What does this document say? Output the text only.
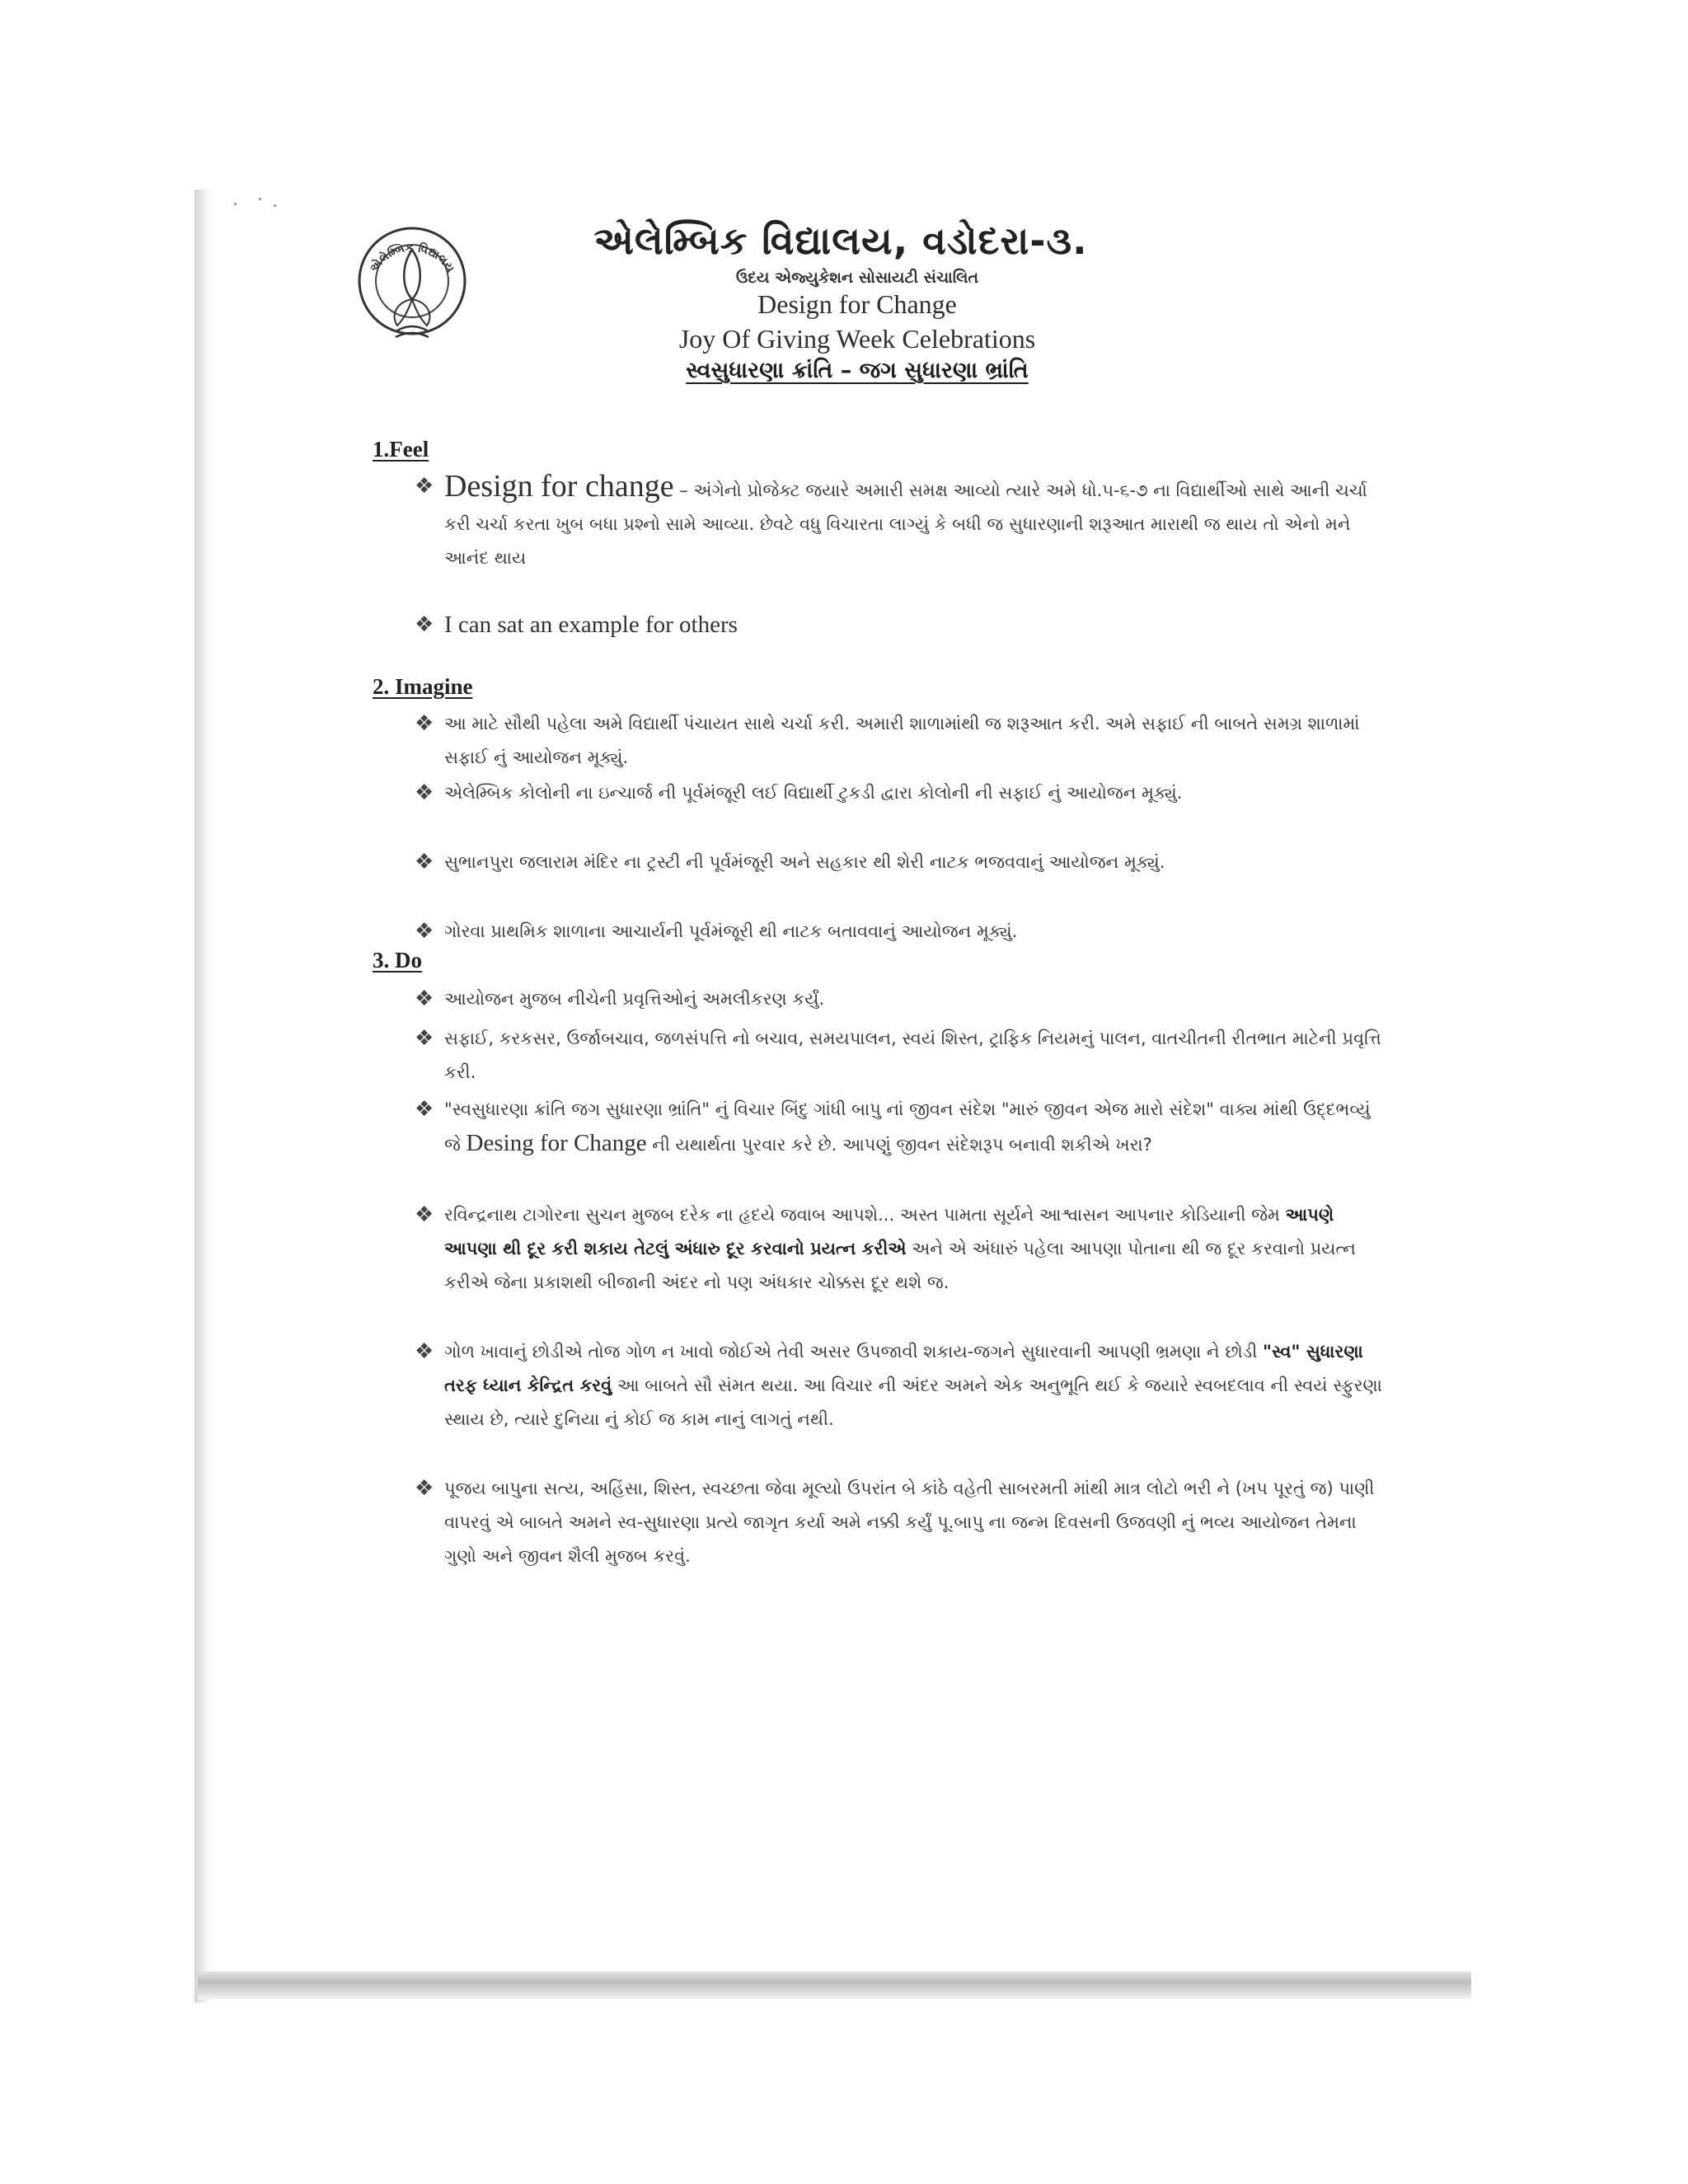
એલેમ્બિક વિદ્યાલય
એલેમ્બિક વિદ્યાલય, વડોદરા-૩.
ઉદય એજ્યુકેશન સોસાયટી સંચાલિત
Design for Change
Joy Of Giving Week Celebrations
સ્વસુધારણા ક્રાંતિ – જગ સુધારણા ભ્રાંતિ
1.Feel
❖ Design for change – અંગેનો પ્રોજેક્ટ જયારે અમારી સમક્ષ આવ્યો ત્યારે અમે ધો.૫-૬-૭ ના વિદ્યાર્થીઓ સાથે આની ચર્ચા કરી ચર્ચા કરતા ખુબ બધા પ્રશ્નો સામે આવ્યા. છેવટે વધુ વિચારતા લાગ્યું કે બધી જ સુધારણાની શરૂઆત મારાથી જ થાય તો એનો મને આનંદ થાય
❖ I can sat an example for others
2. Imagine
❖ આ માટે સૌથી પહેલા અમે વિદ્યાર્થી પંચાયત સાથે ચર્ચા કરી. અમારી શાળામાંથી જ શરૂઆત કરી. અમે સફાઈ ની બાબતે સમગ્ર શાળામાં સફાઈ નું આયોજન મૂક્યું.
❖ એલેમ્બિક કોલોની ના ઇન્ચાર્જ ની પૂર્વમંજૂરી લઈ વિદ્યાર્થી ટુકડી દ્વારા કોલોની ની સફાઈ નું આયોજન મૂક્યું.
❖ સુભાનપુરા જલારામ મંદિર ના ટ્રસ્ટી ની પૂર્વમંજૂરી અને સહકાર થી શેરી નાટક ભજવવાનું આયોજન મૂક્યું.
❖ ગોરવા પ્રાથમિક શાળાના આચાર્યની પૂર્વમંજૂરી થી નાટક બતાવવાનું આયોજન મૂક્યું.
3. Do
❖ આયોજન મુજબ નીચેની પ્રવૃત્તિઓનું અમલીકરણ કર્યું.
❖ સફાઈ, કરકસર, ઉર્જાબચાવ, જળસંપત્તિ નો બચાવ, સમયપાલન, સ્વયં શિસ્ત, ટ્રાફિક નિયમનું પાલન, વાતચીતની રીતભાત માટેની પ્રવૃત્તિ કરી.
❖ "સ્વસુધારણા ક્રાંતિ જગ સુધારણા ભ્રાંતિ" નું વિચાર બિંદુ ગાંધી બાપુ નાં જીવન સંદેશ "મારું જીવન એજ મારો સંદેશ" વાક્ય માંથી ઉદ્દભવ્યું જે Desing for Change ની યથાર્થતા પુરવાર કરે છે. આપણું જીવન સંદેશરૂપ બનાવી શકીએ ખરા?
❖ રવિન્દ્રનાથ ટાગોરના સુચન મુજબ દરેક ના હૃદયે જવાબ આપશે... અસ્ત પામતા સૂર્યને આશ્વાસન આપનાર કોડિયાની જેમ આપણે આપણા થી દૂર કરી શકાય તેટલું અંધારુ દૂર કરવાનો પ્રયત્ન કરીએ અને એ અંધારું પહેલા આપણા પોતાના થી જ દૂર કરવાનો પ્રયત્ન કરીએ જેના પ્રકાશથી બીજાની અંદર નો પણ અંધકાર ચોક્કસ દૂર થશે જ.
❖ ગોળ ખાવાનું છોડીએ તોજ ગોળ ન ખાવો જોઈએ તેવી અસર ઉપજાવી શકાય-જગને સુધારવાની આપણી ભ્રમણા ને છોડી "સ્વ" સુધારણા તરફ ધ્યાન કેન્દ્રિત કરવું આ બાબતે સૌ સંમત થયા. આ વિચાર ની અંદર અમને એક અનુભૂતિ થઈ કે જયારે સ્વબદલાવ ની સ્વયં સ્ફુરણા સ્થાય છે, ત્યારે દુનિયા નું કોઈ જ કામ નાનું લાગતું નથી.
❖ પૂજય બાપુના સત્ય, અહિંસા, શિસ્ત, સ્વચ્છતા જેવા મૂલ્યો ઉપરાંત બે કાંઠે વહેતી સાબરમતી માંથી માત્ર લોટો ભરી ને (ખપ પૂરતું જ) પાણી વાપરવું એ બાબતે અમને સ્વ-સુધારણા પ્રત્યે જાગૃત કર્યા અમે નક્કી કર્યું પૂ.બાપુ ના જન્મ દિવસની ઉજવણી નું ભવ્ય આયોજન તેમના ગુણો અને જીવન શૈલી મુજબ કરવું.
